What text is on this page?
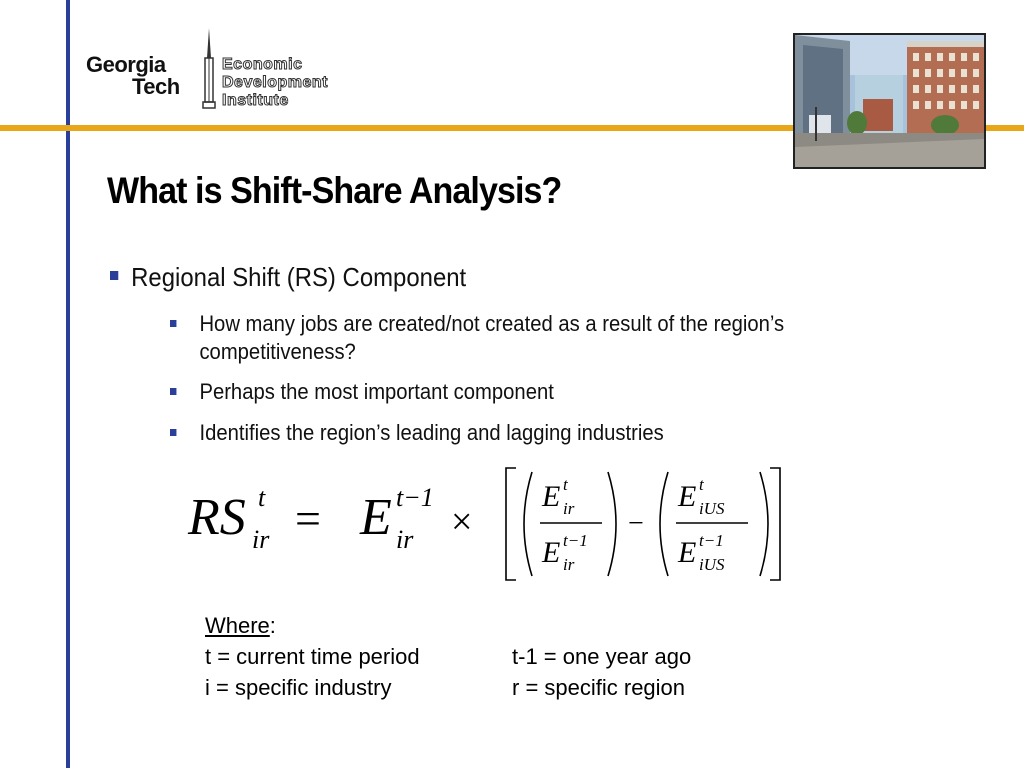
Georgia
Tech
Economic
Development
Institute
What is Shift-Share Analysis?
Regional Shift (RS) Component
How many jobs are created/not created as a result of the region’s competitiveness?
Perhaps the most important component
Identifies the region’s leading and lagging industries
RS t
ir = E t−1
ir ×
E t
ir
E t−1
ir
−
E t
iUS
E t−1
iUS
Where:
t = current time period	t-1 = one year ago
i = specific industry	r = specific region
